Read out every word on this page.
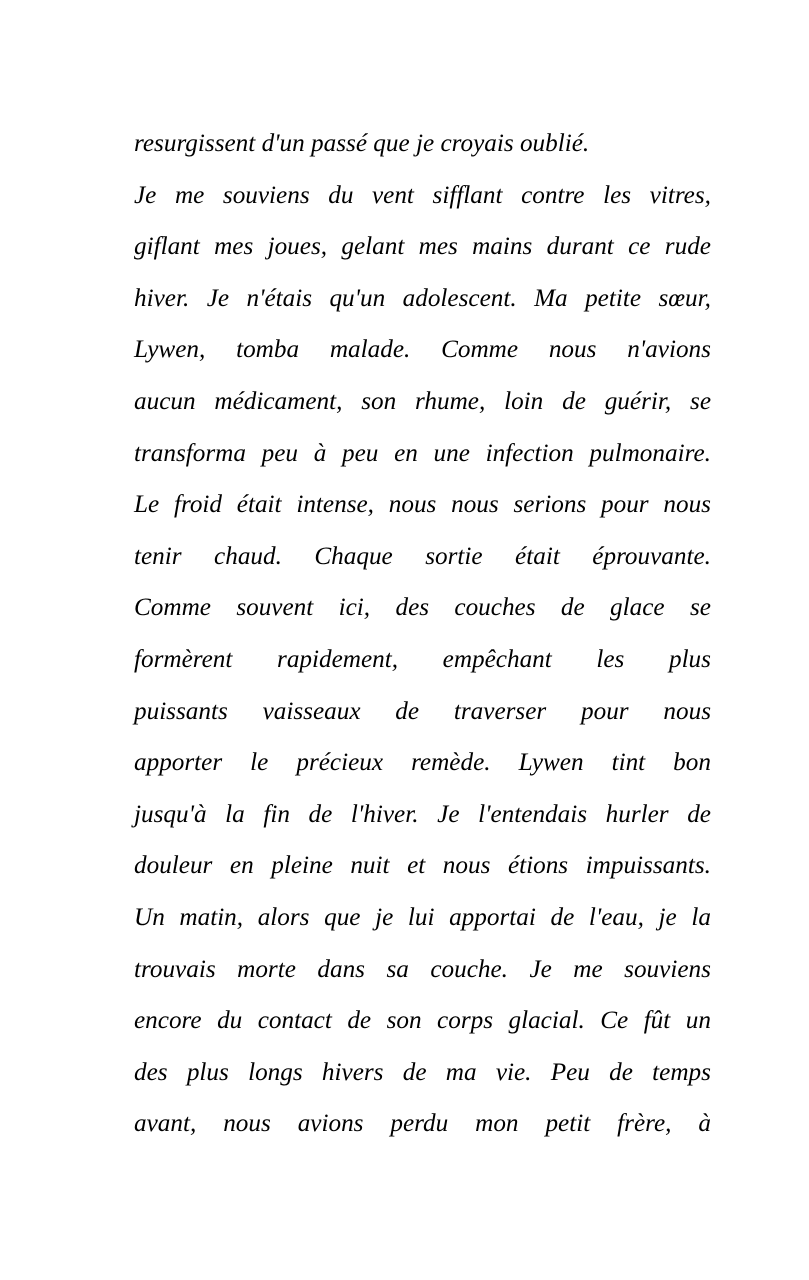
resurgissent d'un passé que je croyais oublié.
Je me souviens du vent sifflant contre les vitres,
giflant mes joues, gelant mes mains durant ce rude
hiver. Je n'étais qu'un adolescent. Ma petite sœur,
Lywen, tomba malade. Comme nous n'avions
aucun médicament, son rhume, loin de guérir, se
transforma peu à peu en une infection pulmonaire.
Le froid était intense, nous nous serions pour nous
tenir chaud. Chaque sortie était éprouvante.
Comme souvent ici, des couches de glace se
formèrent rapidement, empêchant les plus
puissants vaisseaux de traverser pour nous
apporter le précieux remède. Lywen tint bon
jusqu'à la fin de l'hiver. Je l'entendais hurler de
douleur en pleine nuit et nous étions impuissants.
Un matin, alors que je lui apportai de l'eau, je la
trouvais morte dans sa couche. Je me souviens
encore du contact de son corps glacial. Ce fût un
des plus longs hivers de ma vie. Peu de temps
avant, nous avions perdu mon petit frère, à
